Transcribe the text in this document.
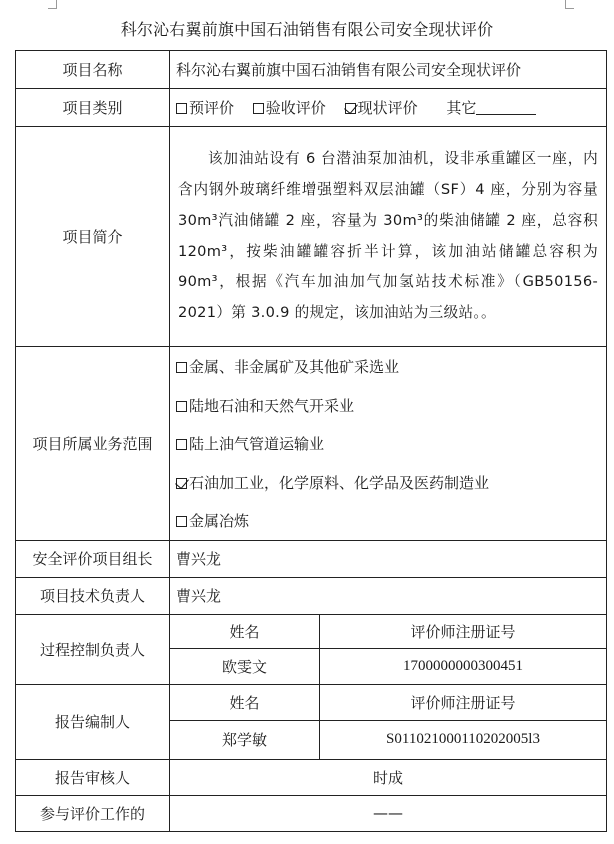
科尔沁右翼前旗中国石油销售有限公司安全现状评价
项目名称	科尔沁右翼前旗中国石油销售有限公司安全现状评价	
项目类别	预评价 验收评价 现状评价 其它	
项目简介	该加油站设有 6 台潜油泵加油机，设非承重罐区一座，内含内钢外玻璃纤维增强塑料双层油罐（SF）4 座，分别为容量 30m³汽油储罐 2 座，容量为 30m³的柴油储罐 2 座，总容积 120m³，按柴油罐罐容折半计算，该加油站储罐总容积为 90m³，根据《汽车加油加气加氢站技术标准》（GB50156-2021）第 3.0.9 的规定，该加油站为三级站。。	

项目所属业务范围	金属、非金属矿及其他矿采选业
陆地石油和天然气开采业
陆上油气管道运输业
石油加工业，化学原料、化学品及医药制造业
金属冶炼	

安全评价项目组长	曹兴龙	
项目技术负责人	曹兴龙	
过程控制负责人	姓名	评价师注册证号
	欧雯文	1700000000300451
报告编制人	姓名	评价师注册证号
	郑学敏	S011021000110202005l3
报告审核人	时成	
参与评价工作的	——	
